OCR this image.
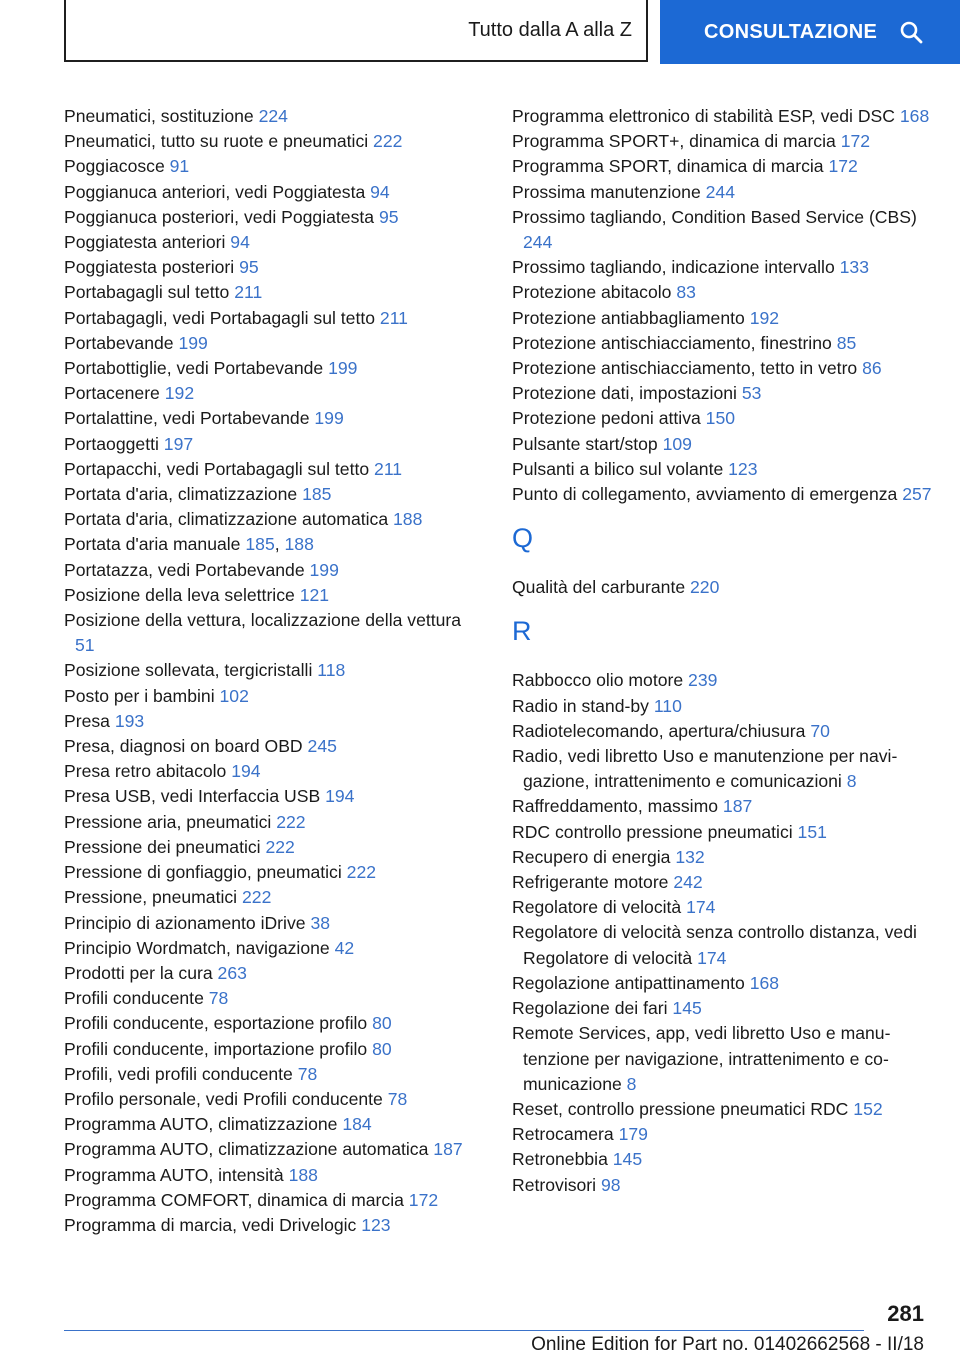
Tutto dalla A alla Z	CONSULTAZIONE
Pneumatici, sostituzione 224
Pneumatici, tutto su ruote e pneumatici 222
Poggiacosce 91
Poggianuca anteriori, vedi Poggiatesta 94
Poggianuca posteriori, vedi Poggiatesta 95
Poggiatesta anteriori 94
Poggiatesta posteriori 95
Portabagagli sul tetto 211
Portabagagli, vedi Portabagagli sul tetto 211
Portabevande 199
Portabottiglie, vedi Portabevande 199
Portacenere 192
Portalattine, vedi Portabevande 199
Portaoggetti 197
Portapacchi, vedi Portabagagli sul tetto 211
Portata d'aria, climatizzazione 185
Portata d'aria, climatizzazione automatica 188
Portata d'aria manuale 185, 188
Portatazza, vedi Portabevande 199
Posizione della leva selettrice 121
Posizione della vettura, localizzazione della vettura 51
Posizione sollevata, tergicristalli 118
Posto per i bambini 102
Presa 193
Presa, diagnosi on board OBD 245
Presa retro abitacolo 194
Presa USB, vedi Interfaccia USB 194
Pressione aria, pneumatici 222
Pressione dei pneumatici 222
Pressione di gonfiaggio, pneumatici 222
Pressione, pneumatici 222
Principio di azionamento iDrive 38
Principio Wordmatch, navigazione 42
Prodotti per la cura 263
Profili conducente 78
Profili conducente, esportazione profilo 80
Profili conducente, importazione profilo 80
Profili, vedi profili conducente 78
Profilo personale, vedi Profili conducente 78
Programma AUTO, climatizzazione 184
Programma AUTO, climatizzazione automatica 187
Programma AUTO, intensità 188
Programma COMFORT, dinamica di marcia 172
Programma di marcia, vedi Drivelogic 123
Programma elettronico di stabilità ESP, vedi DSC 168
Programma SPORT+, dinamica di marcia 172
Programma SPORT, dinamica di marcia 172
Prossima manutenzione 244
Prossimo tagliando, Condition Based Service (CBS) 244
Prossimo tagliando, indicazione intervallo 133
Protezione abitacolo 83
Protezione antiabbagliamento 192
Protezione antischiacciamento, finestrino 85
Protezione antischiacciamento, tetto in vetro 86
Protezione dati, impostazioni 53
Protezione pedoni attiva 150
Pulsante start/stop 109
Pulsanti a bilico sul volante 123
Punto di collegamento, avviamento di emergenza 257
Q
Qualità del carburante 220
R
Rabbocco olio motore 239
Radio in stand-by 110
Radiotelecomando, apertura/chiusura 70
Radio, vedi libretto Uso e manutenzione per navigazione, intrattenimento e comunicazioni 8
Raffreddamento, massimo 187
RDC controllo pressione pneumatici 151
Recupero di energia 132
Refrigerante motore 242
Regolatore di velocità 174
Regolatore di velocità senza controllo distanza, vedi Regolatore di velocità 174
Regolazione antipattinamento 168
Regolazione dei fari 145
Remote Services, app, vedi libretto Uso e manutenzione per navigazione, intrattenimento e comunicazione 8
Reset, controllo pressione pneumatici RDC 152
Retrocamera 179
Retronebbia 145
Retrovisori 98
281
Online Edition for Part no. 01402662568 - II/18
